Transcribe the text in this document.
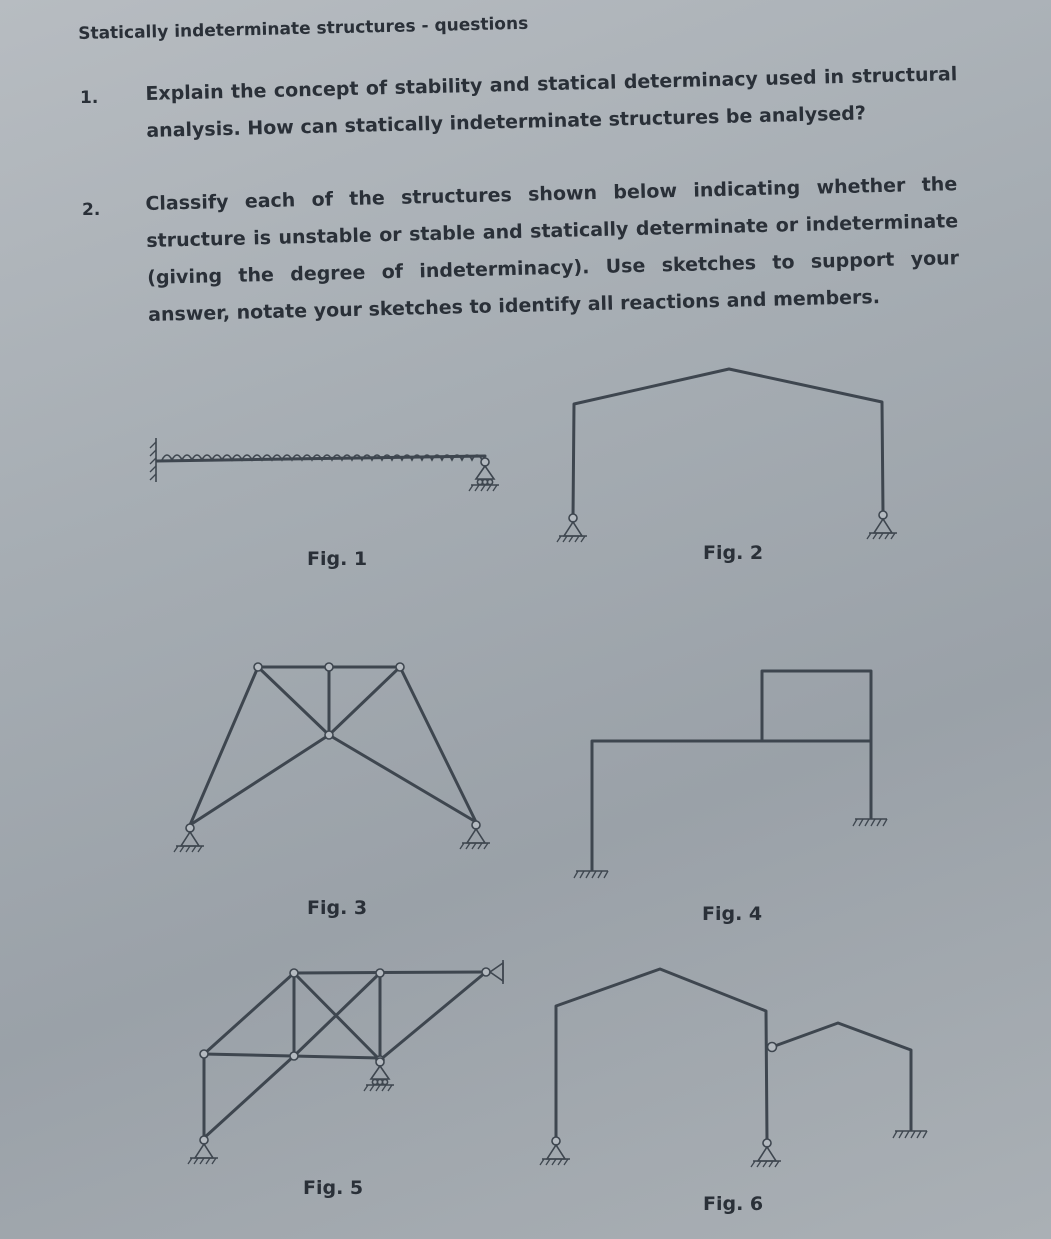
Statically indeterminate structures - questions
1. Explain the concept of stability and statical determinacy used in structural analysis. How can statically indeterminate structures be analysed?
2. Classify each of the structures shown below indicating whether the structure is unstable or stable and statically determinate or indeterminate (giving the degree of indeterminacy). Use sketches to support your answer, notate your sketches to identify all reactions and members.
Fig. 1	Fig. 2
Fig. 3	Fig. 4
Fig. 5
Fig. 6
